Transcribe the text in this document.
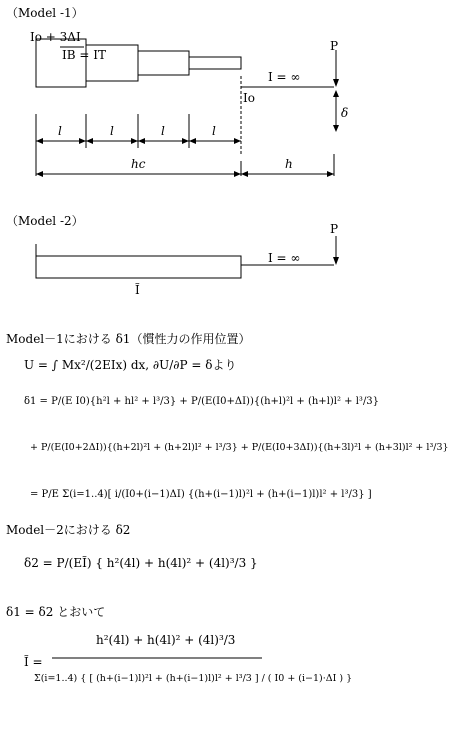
（Model -1）
Io + 3ΔI
IB = IT
P
I = ∞
Io
δ
l	l	l	l
hc	h
（Model -2）
P
I = ∞
Ĩ
Model－1における δ1（慣性力の作用位置）
U = ∫ Mx²/(2EIx) dx, ∂U/∂P = δより
δ1 = P/(E I0){h²l + hl² + l³/3} + P/(E(I0+ΔI)){(h+l)²l + (h+l)l² + l³/3}
+ P/(E(I0+2ΔI)){(h+2l)²l + (h+2l)l² + l³/3} + P/(E(I0+3ΔI)){(h+3l)²l + (h+3l)l² + l³/3}
= P/E Σ(i=1..4)[ i/(I0+(i−1)ΔI) {(h+(i−1)l)²l + (h+(i−1)l)l² + l³/3} ]
Model－2における δ2
δ2 = P/(EĨ) { h²(4l) + h(4l)² + (4l)³/3 }
δ1 = δ2 とおいて
Ĩ =
h²(4l) + h(4l)² + (4l)³/3
Σ(i=1..4) { [ (h+(i−1)l)²l + (h+(i−1)l)l² + l³/3 ] / ( I0 + (i−1)·ΔI ) }
